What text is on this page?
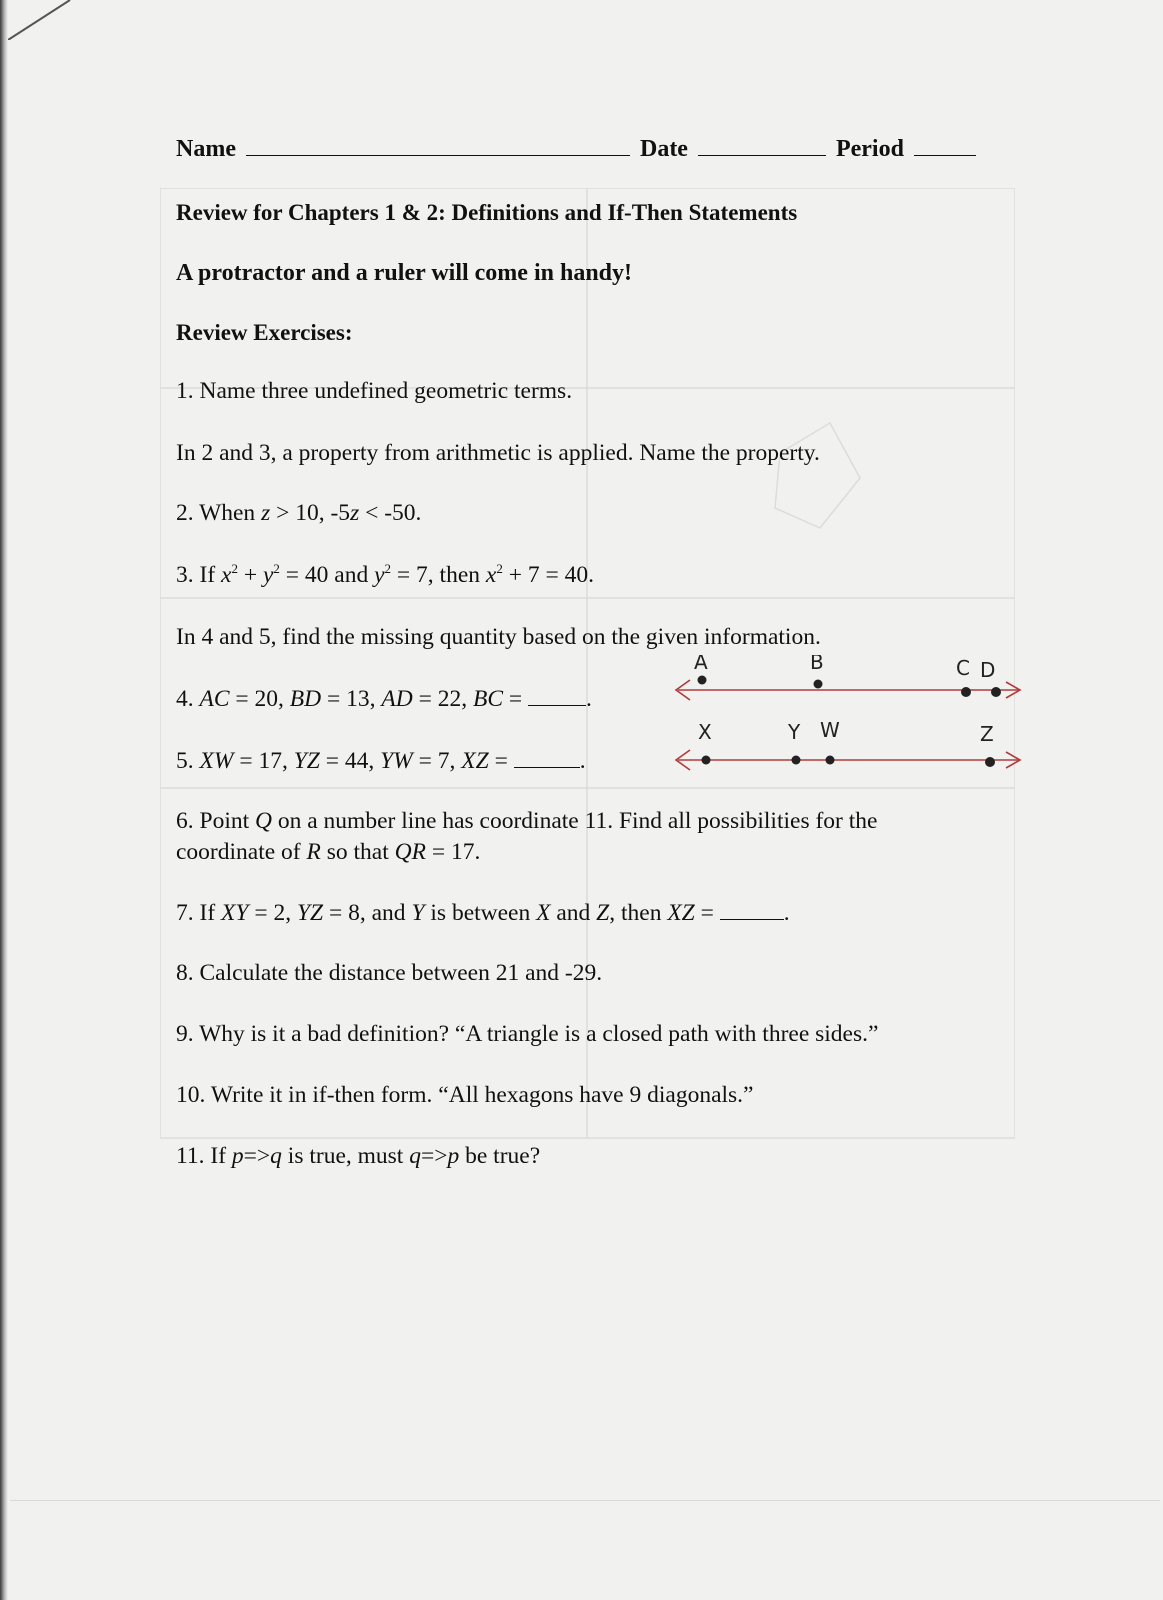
Name	Date	Period
Review for Chapters 1 & 2: Definitions and If-Then Statements
A protractor and a ruler will come in handy!
Review Exercises:
1. Name three undefined geometric terms.
In 2 and 3, a property from arithmetic is applied. Name the property.
2. When z > 10, -5z < -50.
3. If $x^2 + y^2 = 40$ and $y^2 = 7$, then $x^2 + 7 = 40$.
In 4 and 5, find the missing quantity based on the given information.
4. AC = 20, BD = 13, AD = 22, BC = .
5. XW = 17, YZ = 44, YW = 7, XZ =	.
6. Point Q on a number line has coordinate 11. Find all possibilities for the
coordinate of R so that QR = 17.
7. If XY = 2, YZ = 8, and Y is between X and Z, then XZ =	.
8. Calculate the distance between 21 and -29.
9. Why is it a bad definition? “A triangle is a closed path with three sides.”
10. Write it in if-then form. “All hexagons have 9 diagonals.”
11. If p=>q is true, must q=>p be true?
A	B	C D
X	Y W	Z
